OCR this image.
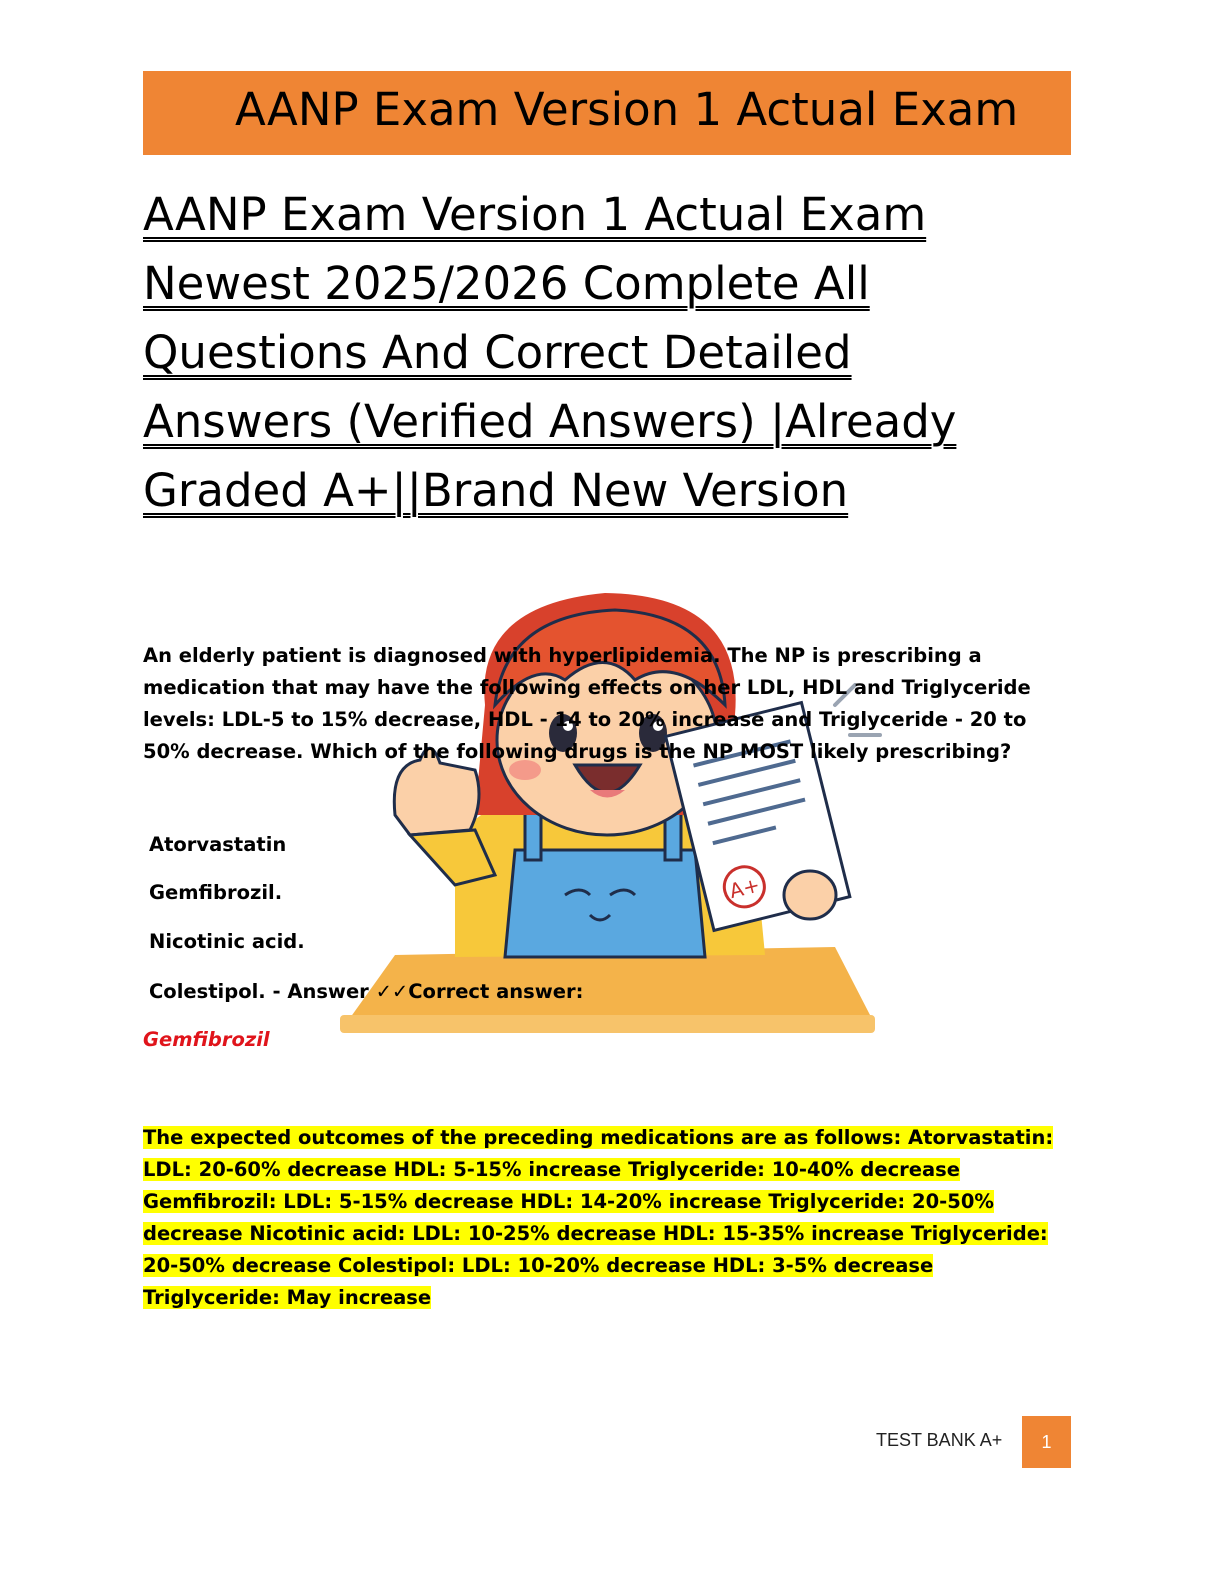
AANP Exam Version 1 Actual Exam
AANP Exam Version 1 Actual Exam
Newest 2025/2026 Complete All
Questions And Correct Detailed
Answers (Verified Answers) |Already
Graded A+||Brand New Version
A+
An elderly patient is diagnosed with hyperlipidemia. The NP is prescribing a
medication that may have the following effects on her LDL, HDL and Triglyceride
levels: LDL-5 to 15% decrease, HDL - 14 to 20% increase and Triglyceride - 20 to
50% decrease. Which of the following drugs is the NP MOST likely prescribing?
Atorvastatin
Gemfibrozil.
Nicotinic acid.
Colestipol. - Answer ✓✓Correct answer:
Gemfibrozil
The expected outcomes of the preceding medications are as follows: Atorvastatin:
LDL: 20-60% decrease HDL: 5-15% increase Triglyceride: 10-40% decrease
Gemfibrozil: LDL: 5-15% decrease HDL: 14-20% increase Triglyceride: 20-50%
decrease Nicotinic acid: LDL: 10-25% decrease HDL: 15-35% increase Triglyceride:
20-50% decrease Colestipol: LDL: 10-20% decrease HDL: 3-5% decrease
Triglyceride: May increase
TEST BANK A+	1
